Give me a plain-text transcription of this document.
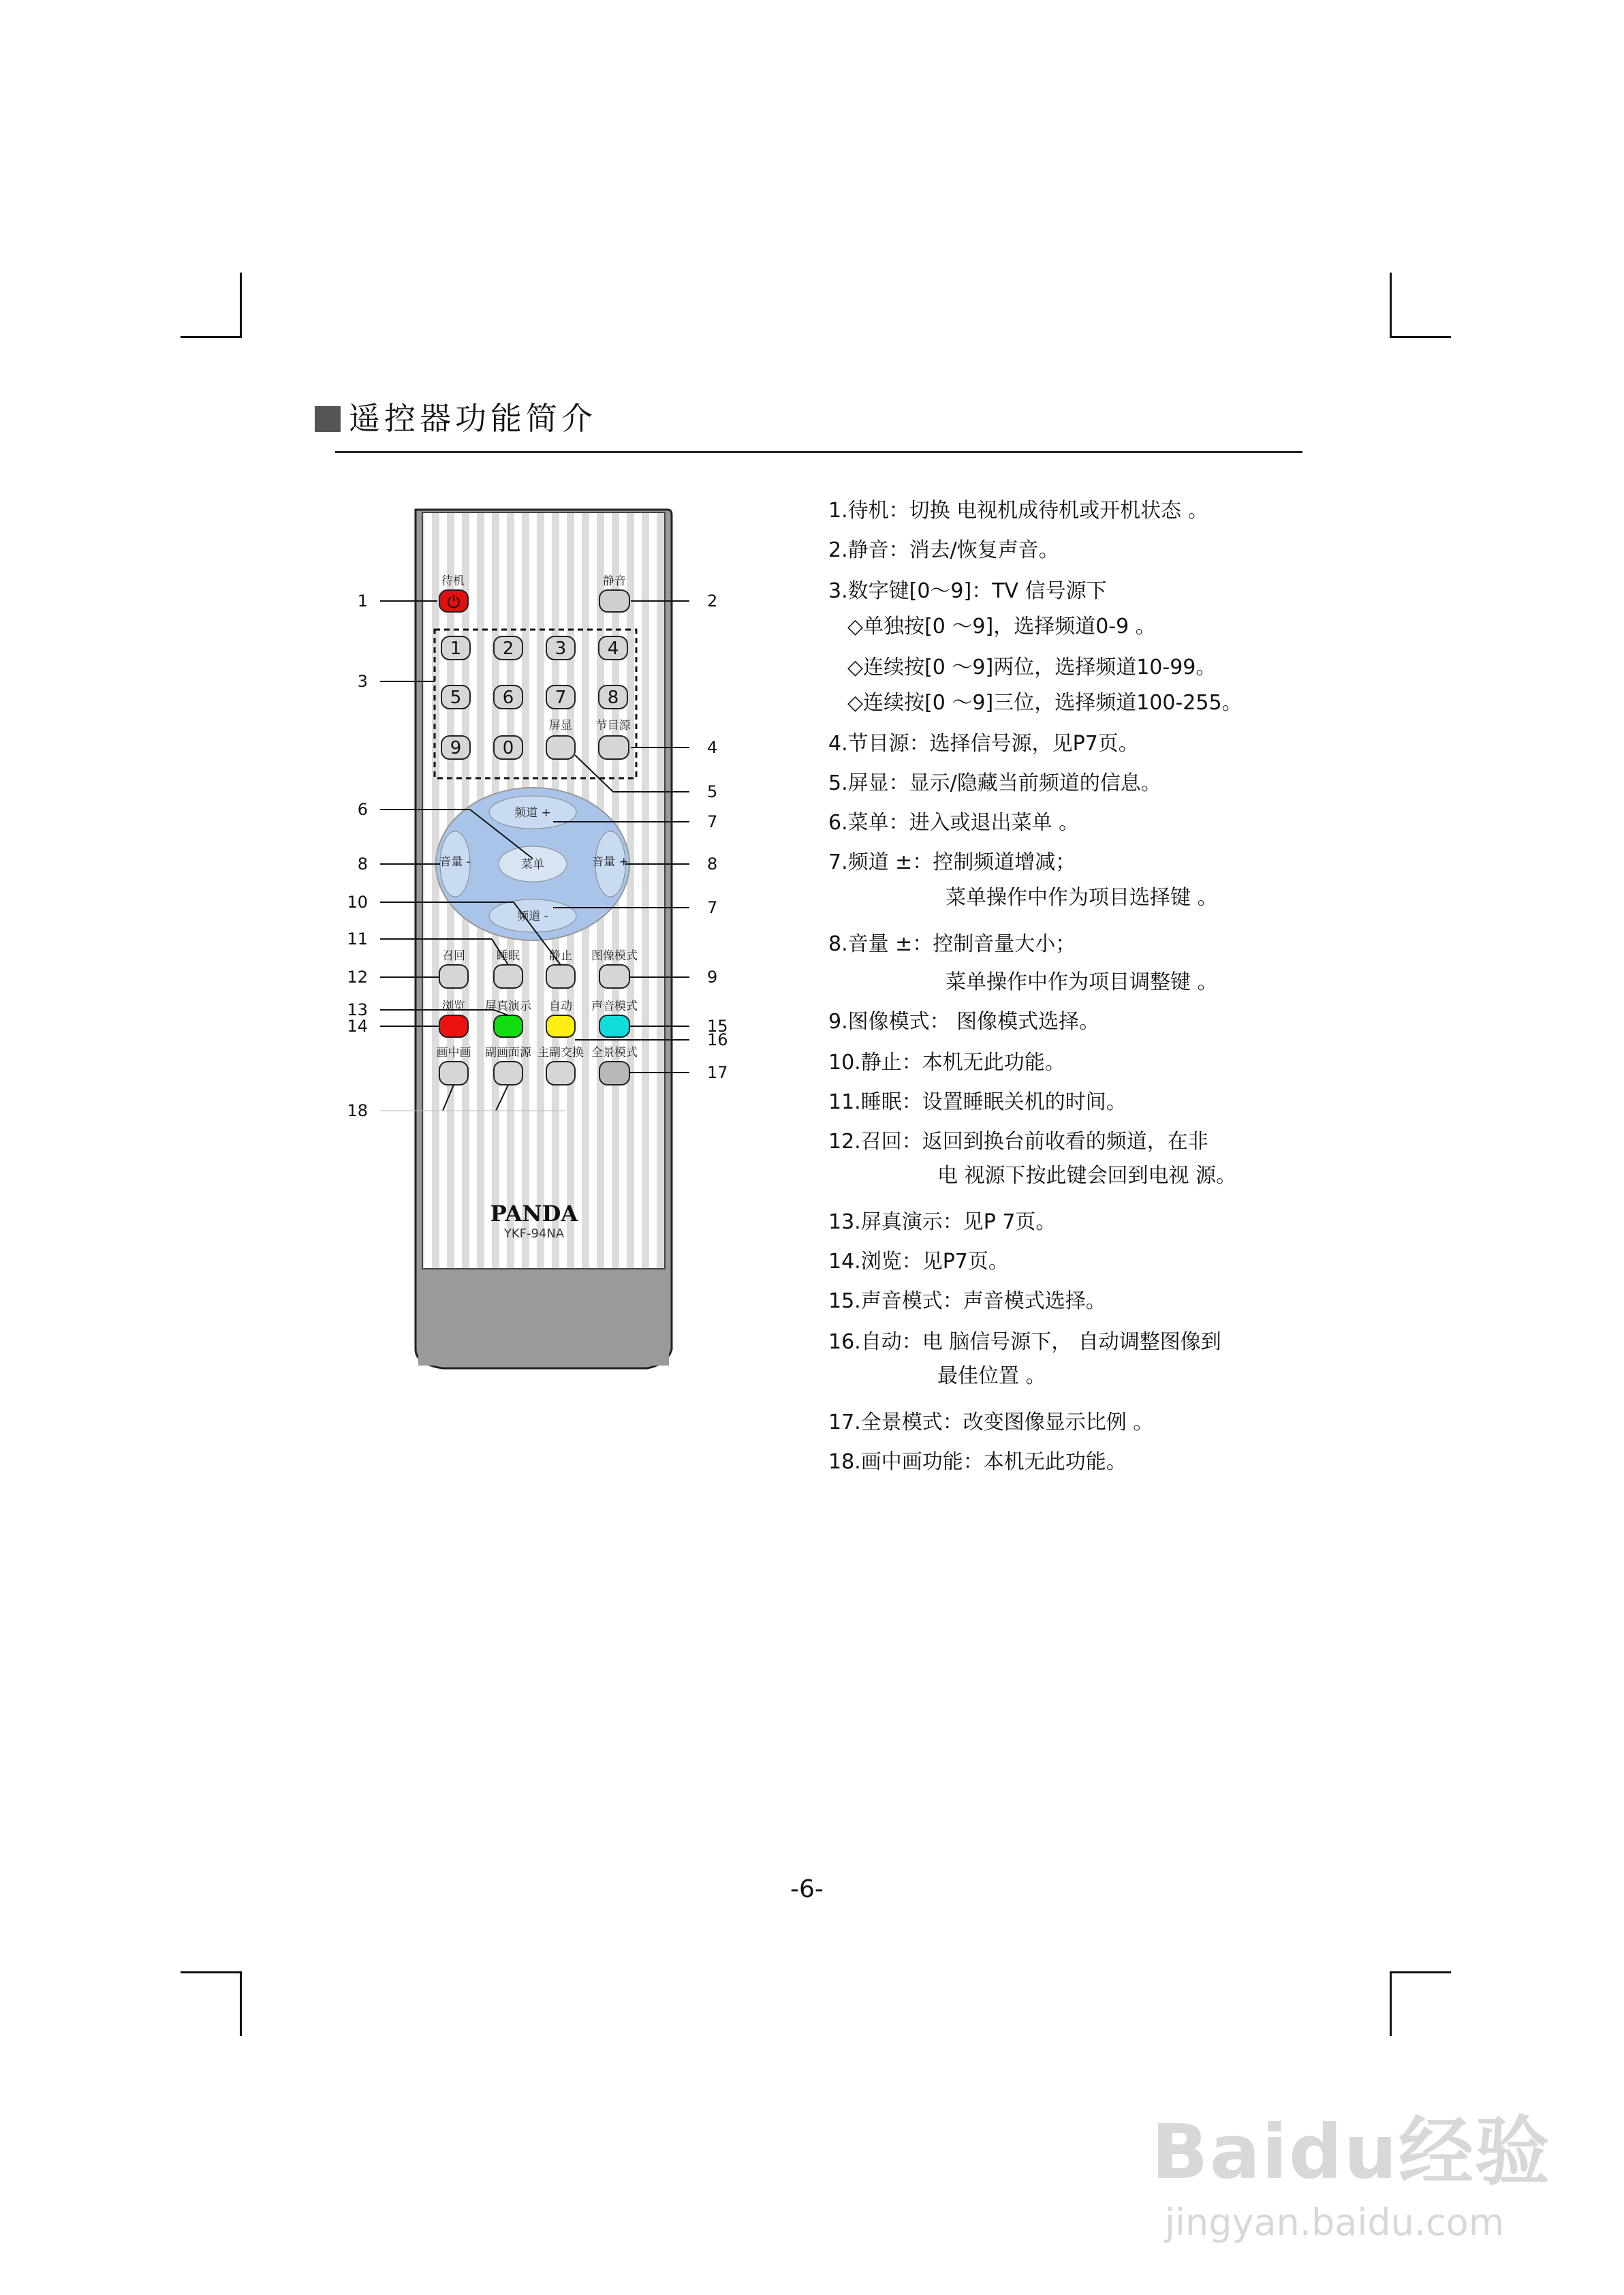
遥控器功能简介
待机
⏻
静音
1 2 3 4
5 6 7 8
9 0
屏显 节目源
频道 +
频道 -
音量 -	音量 +
菜单
召回	睡眠	静止 图像模式
浏览 屏真演示 自动 声音模式
画中画 副画面源 主副交换 全景模式
PANDA
YKF-94NA
1	2
3
4
5
6
7
8	8
10	7
11
12	9
13
15
14
16
17
18
1.待机：切换 电视机成待机或开机状态 。
2.静音：消去/恢复声音。
3.数字键[0～9]：TV 信号源下
◇单独按[0 ～9]，选择频道0-9 。
◇连续按[0 ～9]两位，选择频道10-99。
◇连续按[0 ～9]三位，选择频道100-255。
4.节目源：选择信号源，见P7页。
5.屏显：显示/隐藏当前频道的信息。
6.菜单：进入或退出菜单 。
7.频道 ±：控制频道增减；
菜单操作中作为项目选择键 。
8.音量 ±：控制音量大小；
菜单操作中作为项目调整键 。
9.图像模式： 图像模式选择。
10.静止：本机无此功能。
11.睡眠：设置睡眠关机的时间。
12.召回：返回到换台前收看的频道，在非
电 视源下按此键会回到电视 源。
13.屏真演示：见P 7页。
14.浏览：见P7页。
15.声音模式：声音模式选择。
16.自动：电 脑信号源下， 自动调整图像到
最佳位置 。
17.全景模式：改变图像显示比例 。
18.画中画功能：本机无此功能。
-6-
Baidu经验
jingyan.baidu.com
